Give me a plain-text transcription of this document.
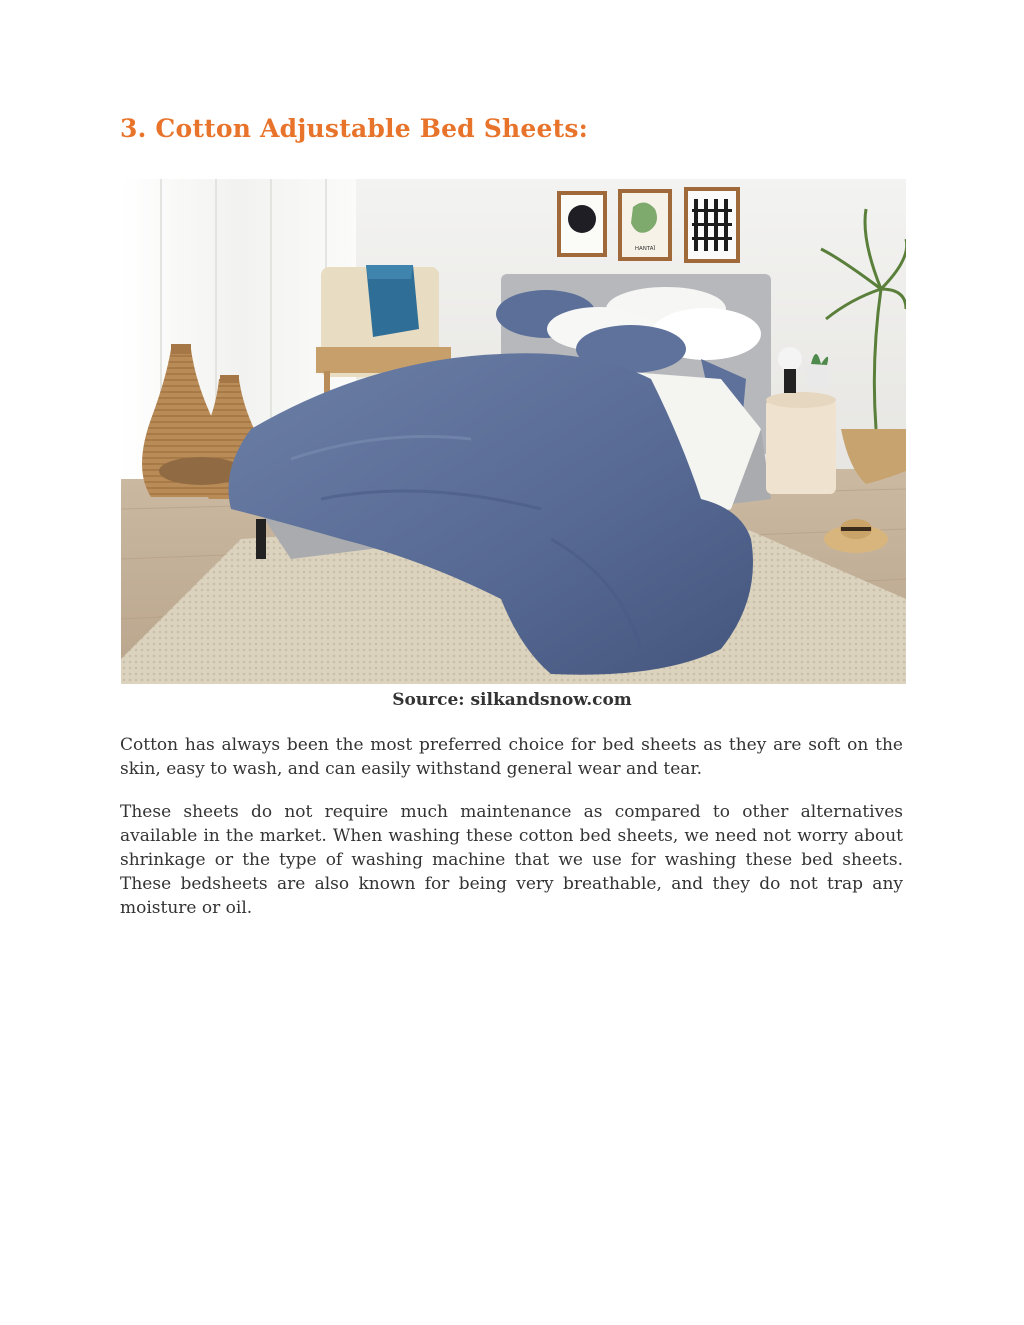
3. Cotton Adjustable Bed Sheets:
HANTAÏ
Source: silkandsnow.com

Cotton has always been the most preferred choice for bed sheets as they are soft on the skin, easy to wash, and can easily withstand general wear and tear.

These sheets do not require much maintenance as compared to other alternatives available in the market. When washing these cotton bed sheets, we need not worry about shrinkage or the type of washing machine that we use for washing these bed sheets. These bedsheets are also known for being very breathable, and they do not trap any moisture or oil.
